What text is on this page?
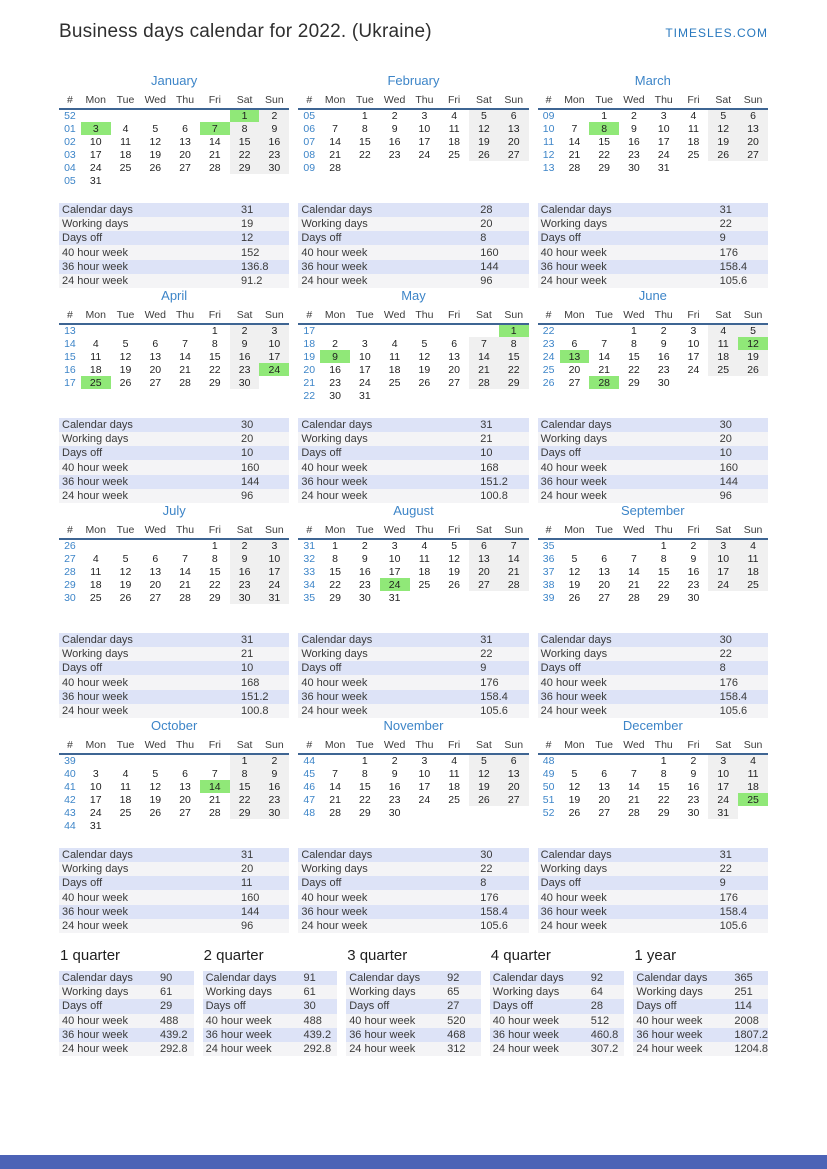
Business days calendar for 2022. (Ukraine)	TIMESLES.COM
January
#	Mon	Tue	Wed	Thu	Fri	Sat	Sun
52						1	2
01	3	4	5	6	7	8	9
02	10	11	12	13	14	15	16
03	17	18	19	20	21	22	23
04	24	25	26	27	28	29	30
05	31						
Calendar days	31
Working days	19
Days off	12
40 hour week	152
36 hour week	136.8
24 hour week	91.2
February
#	Mon	Tue	Wed	Thu	Fri	Sat	Sun
05		1	2	3	4	5	6
06	7	8	9	10	11	12	13
07	14	15	16	17	18	19	20
08	21	22	23	24	25	26	27
09	28						
Calendar days	28
Working days	20
Days off	8
40 hour week	160
36 hour week	144
24 hour week	96
March
#	Mon	Tue	Wed	Thu	Fri	Sat	Sun
09		1	2	3	4	5	6
10	7	8	9	10	11	12	13
11	14	15	16	17	18	19	20
12	21	22	23	24	25	26	27
13	28	29	30	31			
Calendar days	31
Working days	22
Days off	9
40 hour week	176
36 hour week	158.4
24 hour week	105.6
April
#	Mon	Tue	Wed	Thu	Fri	Sat	Sun
13					1	2	3
14	4	5	6	7	8	9	10
15	11	12	13	14	15	16	17
16	18	19	20	21	22	23	24
17	25	26	27	28	29	30	
Calendar days	30
Working days	20
Days off	10
40 hour week	160
36 hour week	144
24 hour week	96
May
#	Mon	Tue	Wed	Thu	Fri	Sat	Sun
17							1
18	2	3	4	5	6	7	8
19	9	10	11	12	13	14	15
20	16	17	18	19	20	21	22
21	23	24	25	26	27	28	29
22	30	31					
Calendar days	31
Working days	21
Days off	10
40 hour week	168
36 hour week	151.2
24 hour week	100.8
June
#	Mon	Tue	Wed	Thu	Fri	Sat	Sun
22			1	2	3	4	5
23	6	7	8	9	10	11	12
24	13	14	15	16	17	18	19
25	20	21	22	23	24	25	26
26	27	28	29	30			
Calendar days	30
Working days	20
Days off	10
40 hour week	160
36 hour week	144
24 hour week	96
July
#	Mon	Tue	Wed	Thu	Fri	Sat	Sun
26					1	2	3
27	4	5	6	7	8	9	10
28	11	12	13	14	15	16	17
29	18	19	20	21	22	23	24
30	25	26	27	28	29	30	31
Calendar days	31
Working days	21
Days off	10
40 hour week	168
36 hour week	151.2
24 hour week	100.8
August
#	Mon	Tue	Wed	Thu	Fri	Sat	Sun
31	1	2	3	4	5	6	7
32	8	9	10	11	12	13	14
33	15	16	17	18	19	20	21
34	22	23	24	25	26	27	28
35	29	30	31				
Calendar days	31
Working days	22
Days off	9
40 hour week	176
36 hour week	158.4
24 hour week	105.6
September
#	Mon	Tue	Wed	Thu	Fri	Sat	Sun
35				1	2	3	4
36	5	6	7	8	9	10	11
37	12	13	14	15	16	17	18
38	19	20	21	22	23	24	25
39	26	27	28	29	30		
Calendar days	30
Working days	22
Days off	8
40 hour week	176
36 hour week	158.4
24 hour week	105.6
October
#	Mon	Tue	Wed	Thu	Fri	Sat	Sun
39						1	2
40	3	4	5	6	7	8	9
41	10	11	12	13	14	15	16
42	17	18	19	20	21	22	23
43	24	25	26	27	28	29	30
44	31						
Calendar days	31
Working days	20
Days off	11
40 hour week	160
36 hour week	144
24 hour week	96
November
#	Mon	Tue	Wed	Thu	Fri	Sat	Sun
44		1	2	3	4	5	6
45	7	8	9	10	11	12	13
46	14	15	16	17	18	19	20
47	21	22	23	24	25	26	27
48	28	29	30				
Calendar days	30
Working days	22
Days off	8
40 hour week	176
36 hour week	158.4
24 hour week	105.6
December
#	Mon	Tue	Wed	Thu	Fri	Sat	Sun
48				1	2	3	4
49	5	6	7	8	9	10	11
50	12	13	14	15	16	17	18
51	19	20	21	22	23	24	25
52	26	27	28	29	30	31	
Calendar days	31
Working days	22
Days off	9
40 hour week	176
36 hour week	158.4
24 hour week	105.6
1 quarter
Calendar days	90
Working days	61
Days off	29
40 hour week	488
36 hour week	439.2
24 hour week	292.8
2 quarter
Calendar days	91
Working days	61
Days off	30
40 hour week	488
36 hour week	439.2
24 hour week	292.8
3 quarter
Calendar days	92
Working days	65
Days off	27
40 hour week	520
36 hour week	468
24 hour week	312
4 quarter
Calendar days	92
Working days	64
Days off	28
40 hour week	512
36 hour week	460.8
24 hour week	307.2
1 year
Calendar days	365
Working days	251
Days off	114
40 hour week	2008
36 hour week	1807.2
24 hour week	1204.8
